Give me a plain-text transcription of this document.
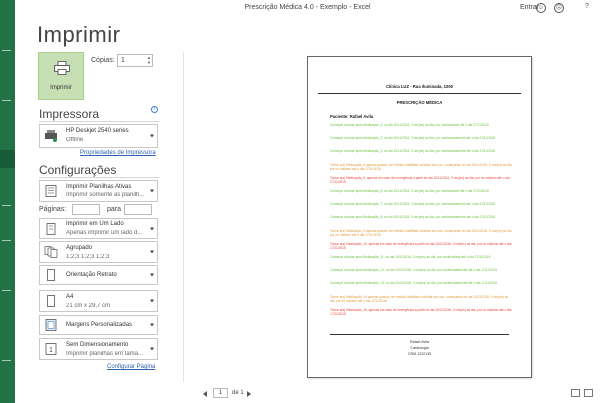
Prescrição Médica 4.0 - Exemplo - Excel	Entrar
☺	☹	?
Imprimir
Imprimir
Cópias: 1	▲
▼
Impressora	i
HP Deskjet 2540 series
Offline
Propriedades de Impressora
Configurações
Imprimir Planilhas Ativas
Imprimir somente as planilh...
Páginas:	para
Imprimir em Um Lado
Apenas imprimir um lado d...
Agrupado
1;2;3 1;2;3 1;2;3
Orientação Retrato
A4
21 cm x 29,7 cm
Margens Personalizadas
1
Sem Dimensionamento
Imprimir planilhas em tama...
Configurar Página
Clínica LUZ - Rua Iluminada, 1000
PRESCRIÇÃO MÉDICA
Paciente: Rafael Avila
Começar a tomar após Medicação_1, no dia 10/11/2016, 3 vez(es) ao dia, por continuidade até o dia 17/11/2016
Começar a tomar após Medicação_2, no dia 10/11/2016, 3 vez(es) ao dia, por continuadamente até o dia 17/11/2016
Começar a tomar após Medicação_3, no dia 10/11/2016, 3 vez(es) ao dia, por continuadamente até o dia 17/11/2016
Tomar a(s) Medicação_4 apenas quando um médico habilitado solicitar seu uso, começando no dia 10/11/2016, 3 vez(es) ao dia, por no máximo até o dia 17/11/2016
Tomar a(s) Medicação_5, apenas em caso de emergência a partir do dia 10/11/2016, 3 vez(es) ao dia, por no máximo até o dia 17/11/2016
Começar a tomar após Medicação_6, no dia 10/11/2016, 3 vez(es) ao dia, por continuidade até o dia 17/11/2016
Começar a tomar após Medicação_7, no dia 10/11/2016, 3 vez(es) ao dia, por continuadamente até o dia 17/11/2016
Começar a tomar após Medicação_8, no dia 10/11/2016, 3 vez(es) ao dia, por continuadamente até o dia 17/11/2016
Tomar a(s) Medicação_9 apenas quando um médico habilitado solicitar seu uso, começando no dia 10/11/2016, 3 vez(es) ao dia, por no máximo até o dia 17/11/2016
Tomar a(s) Medicação_10, apenas em caso de emergência a partir do dia 10/11/2016, 3 vez(es) ao dia, por no máximo até o dia 17/11/2016
Começar a tomar após Medicação_11, no dia 10/11/2016, 3 vez(es) ao dia, por continuidade até o dia 17/11/2016
Começar a tomar após Medicação_12, no dia 10/11/2016, 3 vez(es) ao dia, por continuadamente até o dia 17/11/2016
Começar a tomar após Medicação_13, no dia 10/11/2016, 3 vez(es) ao dia, por continuadamente até o dia 17/11/2016
Tomar a(s) Medicação_14 apenas quando um médico habilitado solicitar seu uso, começando no dia 10/11/2016, 3 vez(es) ao dia, por no máximo até o dia 17/11/2016
Tomar a(s) Medicação_15, apenas em caso de emergência a partir do dia 10/11/2016, 3 vez(es) ao dia, por no máximo até o dia 17/11/2016
Rafael Avila
Cardiologia
CRM 1232135
1	de 1
